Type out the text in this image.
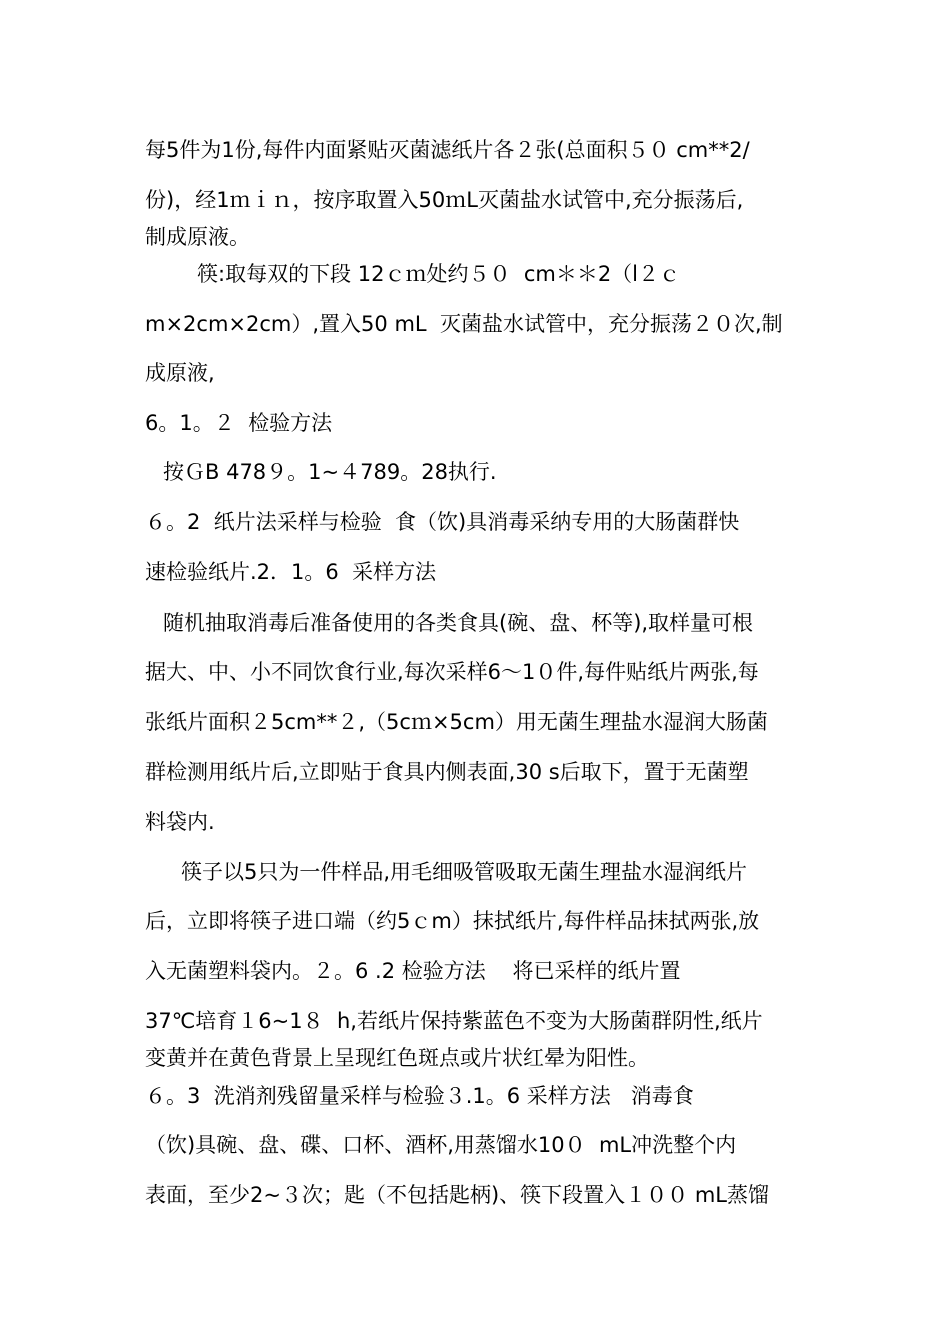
每5件为1份,每件内面紧贴灭菌滤纸片各２张(总面积５０ cm**2/
份)，经1ｍｉｎ，按序取置入50ｍL灭菌盐水试管中,充分振荡后,
制成原液。
筷:取每双的下段 12ｃｍ处约５０  cm＊＊2（l２ｃ
m×2cm×2cm）,置入50 mL  灭菌盐水试管中，充分振荡２０次,制
成原液,
6。1。２  检验方法
按ＧB 478９。1~４789。28执行.
６。2  纸片法采样与检验  食（饮)具消毒采纳专用的大肠菌群快
速检验纸片.2．1。6  采样方法
随机抽取消毒后准备使用的各类食具(碗、盘、杯等),取样量可根
据大、中、小不同饮食行业,每次采样6～1０件,每件贴纸片两张,每
张纸片面积２5cm**２,（5cｍ×5cm）用无菌生理盐水湿润大肠菌
群检测用纸片后,立即贴于食具内侧表面,30 s后取下，置于无菌塑
料袋内.
筷子以5只为一件样品,用毛细吸管吸取无菌生理盐水湿润纸片
后，立即将筷子进口端（约5ｃm）抹拭纸片,每件样品抹拭两张,放
入无菌塑料袋内。２。6 .2 检验方法    将已采样的纸片置
37℃培育１6~1８  h,若纸片保持紫蓝色不变为大肠菌群阴性,纸片
变黄并在黄色背景上呈现红色斑点或片状红晕为阳性。
６。3  洗消剂残留量采样与检验３.1。6 采样方法   消毒食
（饮)具碗、盘、碟、口杯、酒杯,用蒸馏水10０  mL冲洗整个内
表面，至少2~３次；匙（不包括匙柄)、筷下段置入１００ mL蒸馏
